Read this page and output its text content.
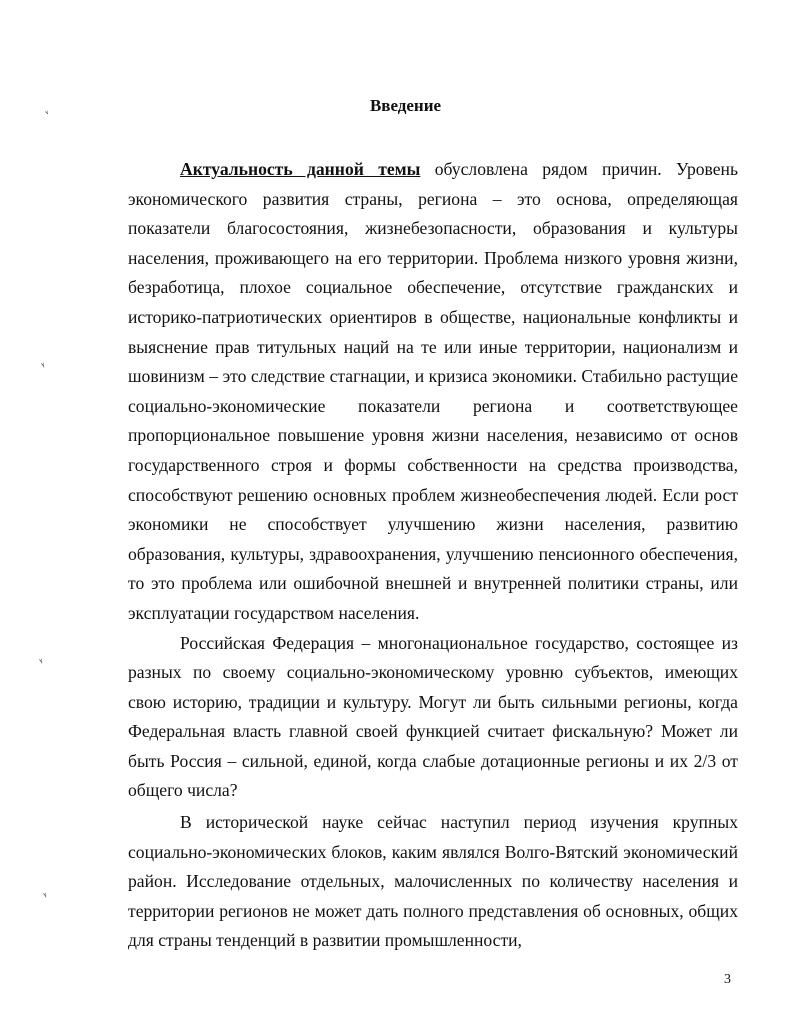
Введение

Актуальность данной темы обусловлена рядом причин. Уровень экономического развития страны, региона – это основа, определяющая показатели благосостояния, жизнебезопасности, образования и культуры населения, проживающего на его территории. Проблема низкого уровня жизни, безработица, плохое социальное обеспечение, отсутствие гражданских и историко-патриотических ориентиров в обществе, национальные конфликты и выяснение прав титульных наций на те или иные территории, национализм и шовинизм – это следствие стагнации, и кризиса экономики. Стабильно растущие социально-экономические показатели региона и соответствующее пропорциональное повышение уровня жизни населения, независимо от основ государственного строя и формы собственности на средства производства, способствуют решению основных проблем жизнеобеспечения людей. Если рост экономики не способствует улучшению жизни населения, развитию образования, культуры, здравоохранения, улучшению пенсионного обеспечения, то это проблема или ошибочной внешней и внутренней политики страны, или эксплуатации государством населения.

Российская Федерация – многонациональное государство, состоящее из разных по своему социально-экономическому уровню субъектов, имеющих свою историю, традиции и культуру. Могут ли быть сильными регионы, когда Федеральная власть главной своей функцией считает фискальную? Может ли быть Россия – сильной, единой, когда слабые дотационные регионы и их 2/3 от общего числа?

В исторической науке сейчас наступил период изучения крупных социально-экономических блоков, каким являлся Волго-Вятский экономический район. Исследование отдельных, малочисленных по количеству населения и территории регионов не может дать полного представления об основных, общих для страны тенденций в развитии промышленности,

ᵛ
ᵞ
ᵞ
ᵞ
3
